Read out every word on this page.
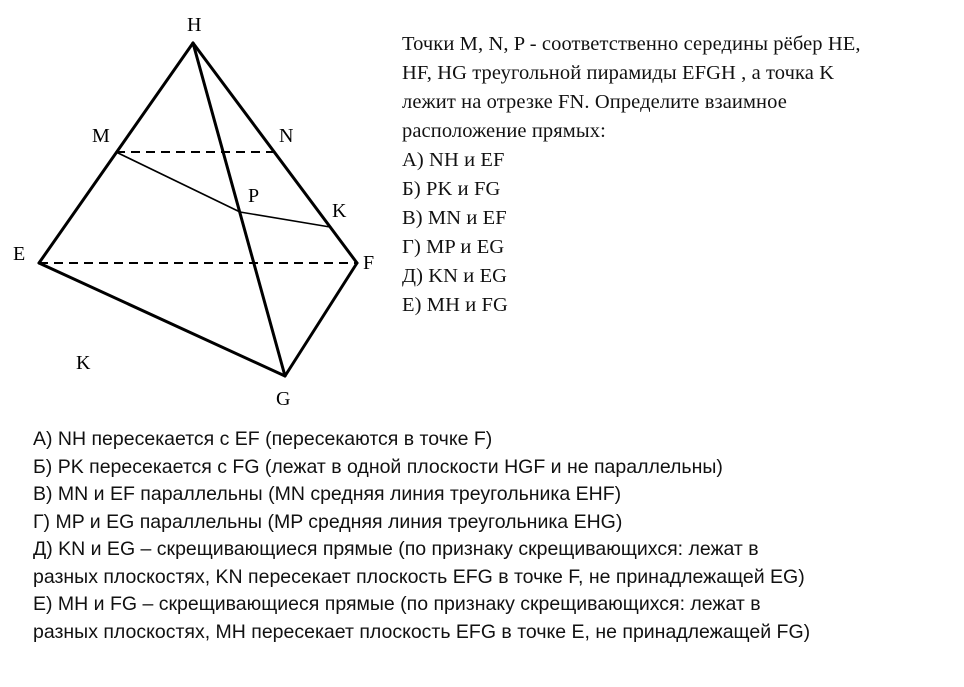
H
M	N
P
K
E	F
G
K
Точки M, N, P - соответственно середины рёбер HE,
HF, HG треугольной пирамиды EFGH , а точка K
лежит на отрезке FN. Определите взаимное
расположение прямых:
А) NH и EF
Б) PK и FG
В) MN и EF
Г) MP и EG
Д) KN и EG
Е) MH и FG
А) NH пересекается с EF (пересекаются в точке F)
Б) PK пересекается с FG (лежат в одной плоскости HGF и не параллельны)
В) MN и EF параллельны (MN средняя линия треугольника EHF)
Г) MP и EG параллельны (MP средняя линия треугольника EHG)
Д) KN и EG – скрещивающиеся прямые (по признаку скрещивающихся: лежат в
разных плоскостях, KN пересекает плоскость EFG в точке F, не принадлежащей EG)
Е) MH и FG – скрещивающиеся прямые (по признаку скрещивающихся: лежат в
разных плоскостях, MH пересекает плоскость EFG в точке E, не принадлежащей FG)
